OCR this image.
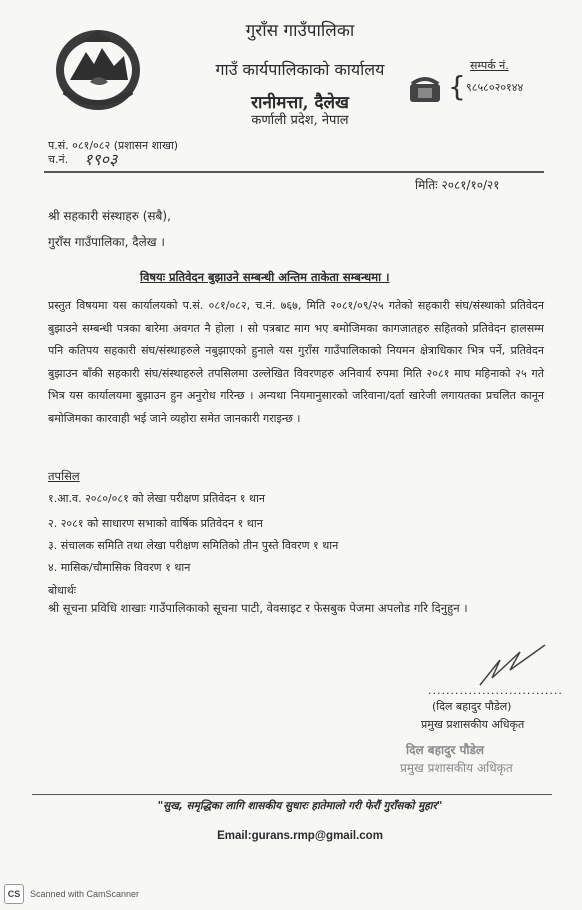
गुराँस गाउँपालिका
गाउँ कार्यपालिकाको कार्यालय
रानीमत्ता, दैलेख
कर्णाली प्रदेश, नेपाल
{
सम्पर्क नं.
९८५८०२०१४४
प.सं. ०८१/०८२ (प्रशासन शाखा)
च.नं. १९०३
मितिः २०८१/१०/२१
श्री सहकारी संस्थाहरु (सबै),
गुराँस गाउँपालिका, दैलेख ।
विषयः प्रतिवेदन बुझाउने सम्बन्धी अन्तिम ताकेता सम्बन्धमा ।
प्रस्तुत विषयमा यस कार्यालयको प.सं. ०८१/०८२, च.नं. ७६७, मिति २०८१/०९/२५ गतेको सहकारी संघ/संस्थाको प्रतिवेदन बुझाउने सम्बन्धी पत्रका बारेमा अवगत नै होला । सो पत्रबाट माग भए बमोजिमका कागजातहरु सहितको प्रतिवेदन हालसम्म पनि कतिपय सहकारी संघ/संस्थाहरुले नबुझाएको हुनाले यस गुराँस गाउँपालिकाको नियमन क्षेत्राधिकार भित्र पर्ने, प्रतिवेदन बुझाउन बाँकी सहकारी संघ/संस्थाहरुले तपसिलमा उल्लेखित विवरणहरु अनिवार्य रुपमा मिति २०८१ माघ महिनाको २५ गते भित्र यस कार्यालयमा बुझाउन हुन अनुरोध गरिन्छ । अन्यथा नियमानुसारको जरिवाना/दर्ता खारेजी लगायतका प्रचलित कानून बमोजिमका कारवाही भई जाने व्यहोरा समेत जानकारी गराइन्छ ।
तपसिल
१.आ.व. २०८०/०८१ को लेखा परीक्षण प्रतिवेदन १ थान
२. २०८१ को साधारण सभाको वार्षिक प्रतिवेदन १ थान
३. संचालक समिति तथा लेखा परीक्षण समितिको तीन पुस्ते विवरण १ थान
४. मासिक/चौमासिक विवरण १ थान
बोधार्थः
श्री सूचना प्रविधि शाखाः गाउँपालिकाको सूचना पाटी, वेवसाइट र फेसबुक पेजमा अपलोड गरि दिनुहुन ।
..............................
(दिल बहादुर पौडेल)
प्रमुख प्रशासकीय अधिकृत
दिल बहादुर पौडेल
प्रमुख प्रशासकीय अधिकृत
"सुख, समृद्धिका लागि शासकीय सुधारः हातेमालो गरी फेरौं गुराँसको मुहार"
Email:gurans.rmp@gmail.com
CS	Scanned with CamScanner
